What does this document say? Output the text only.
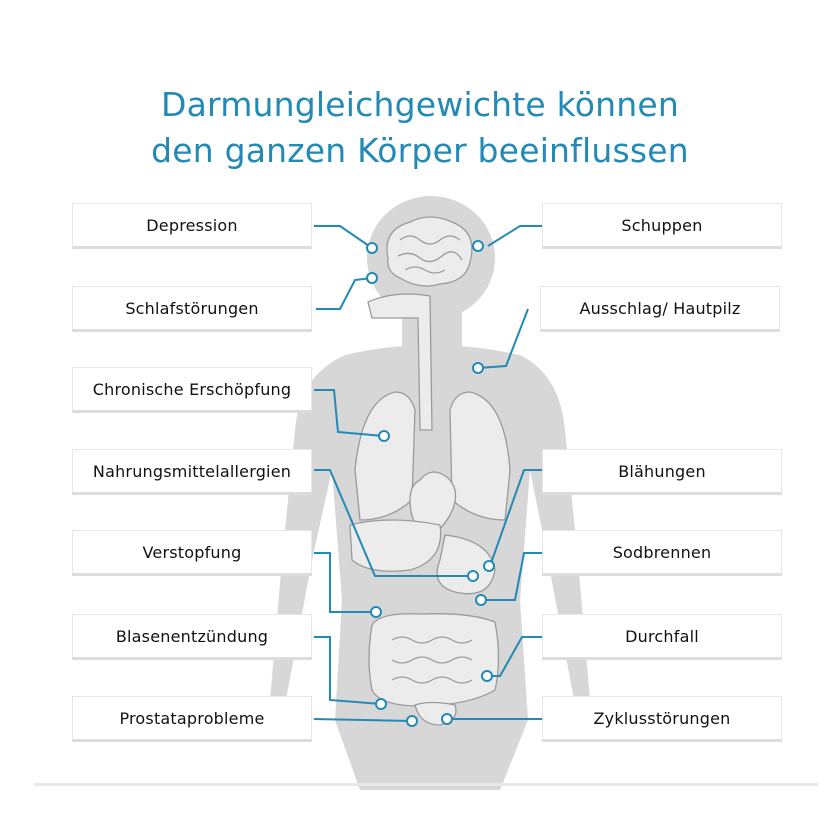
Darmungleichgewichte können
den ganzen Körper beeinflussen
Depression
Schlafstörungen
Chronische Erschöpfung
Nahrungsmittelallergien
Verstopfung
Blasenentzündung
Prostataprobleme
Schuppen
Ausschlag/ Hautpilz
Blähungen
Sodbrennen
Durchfall
Zyklusstörungen
